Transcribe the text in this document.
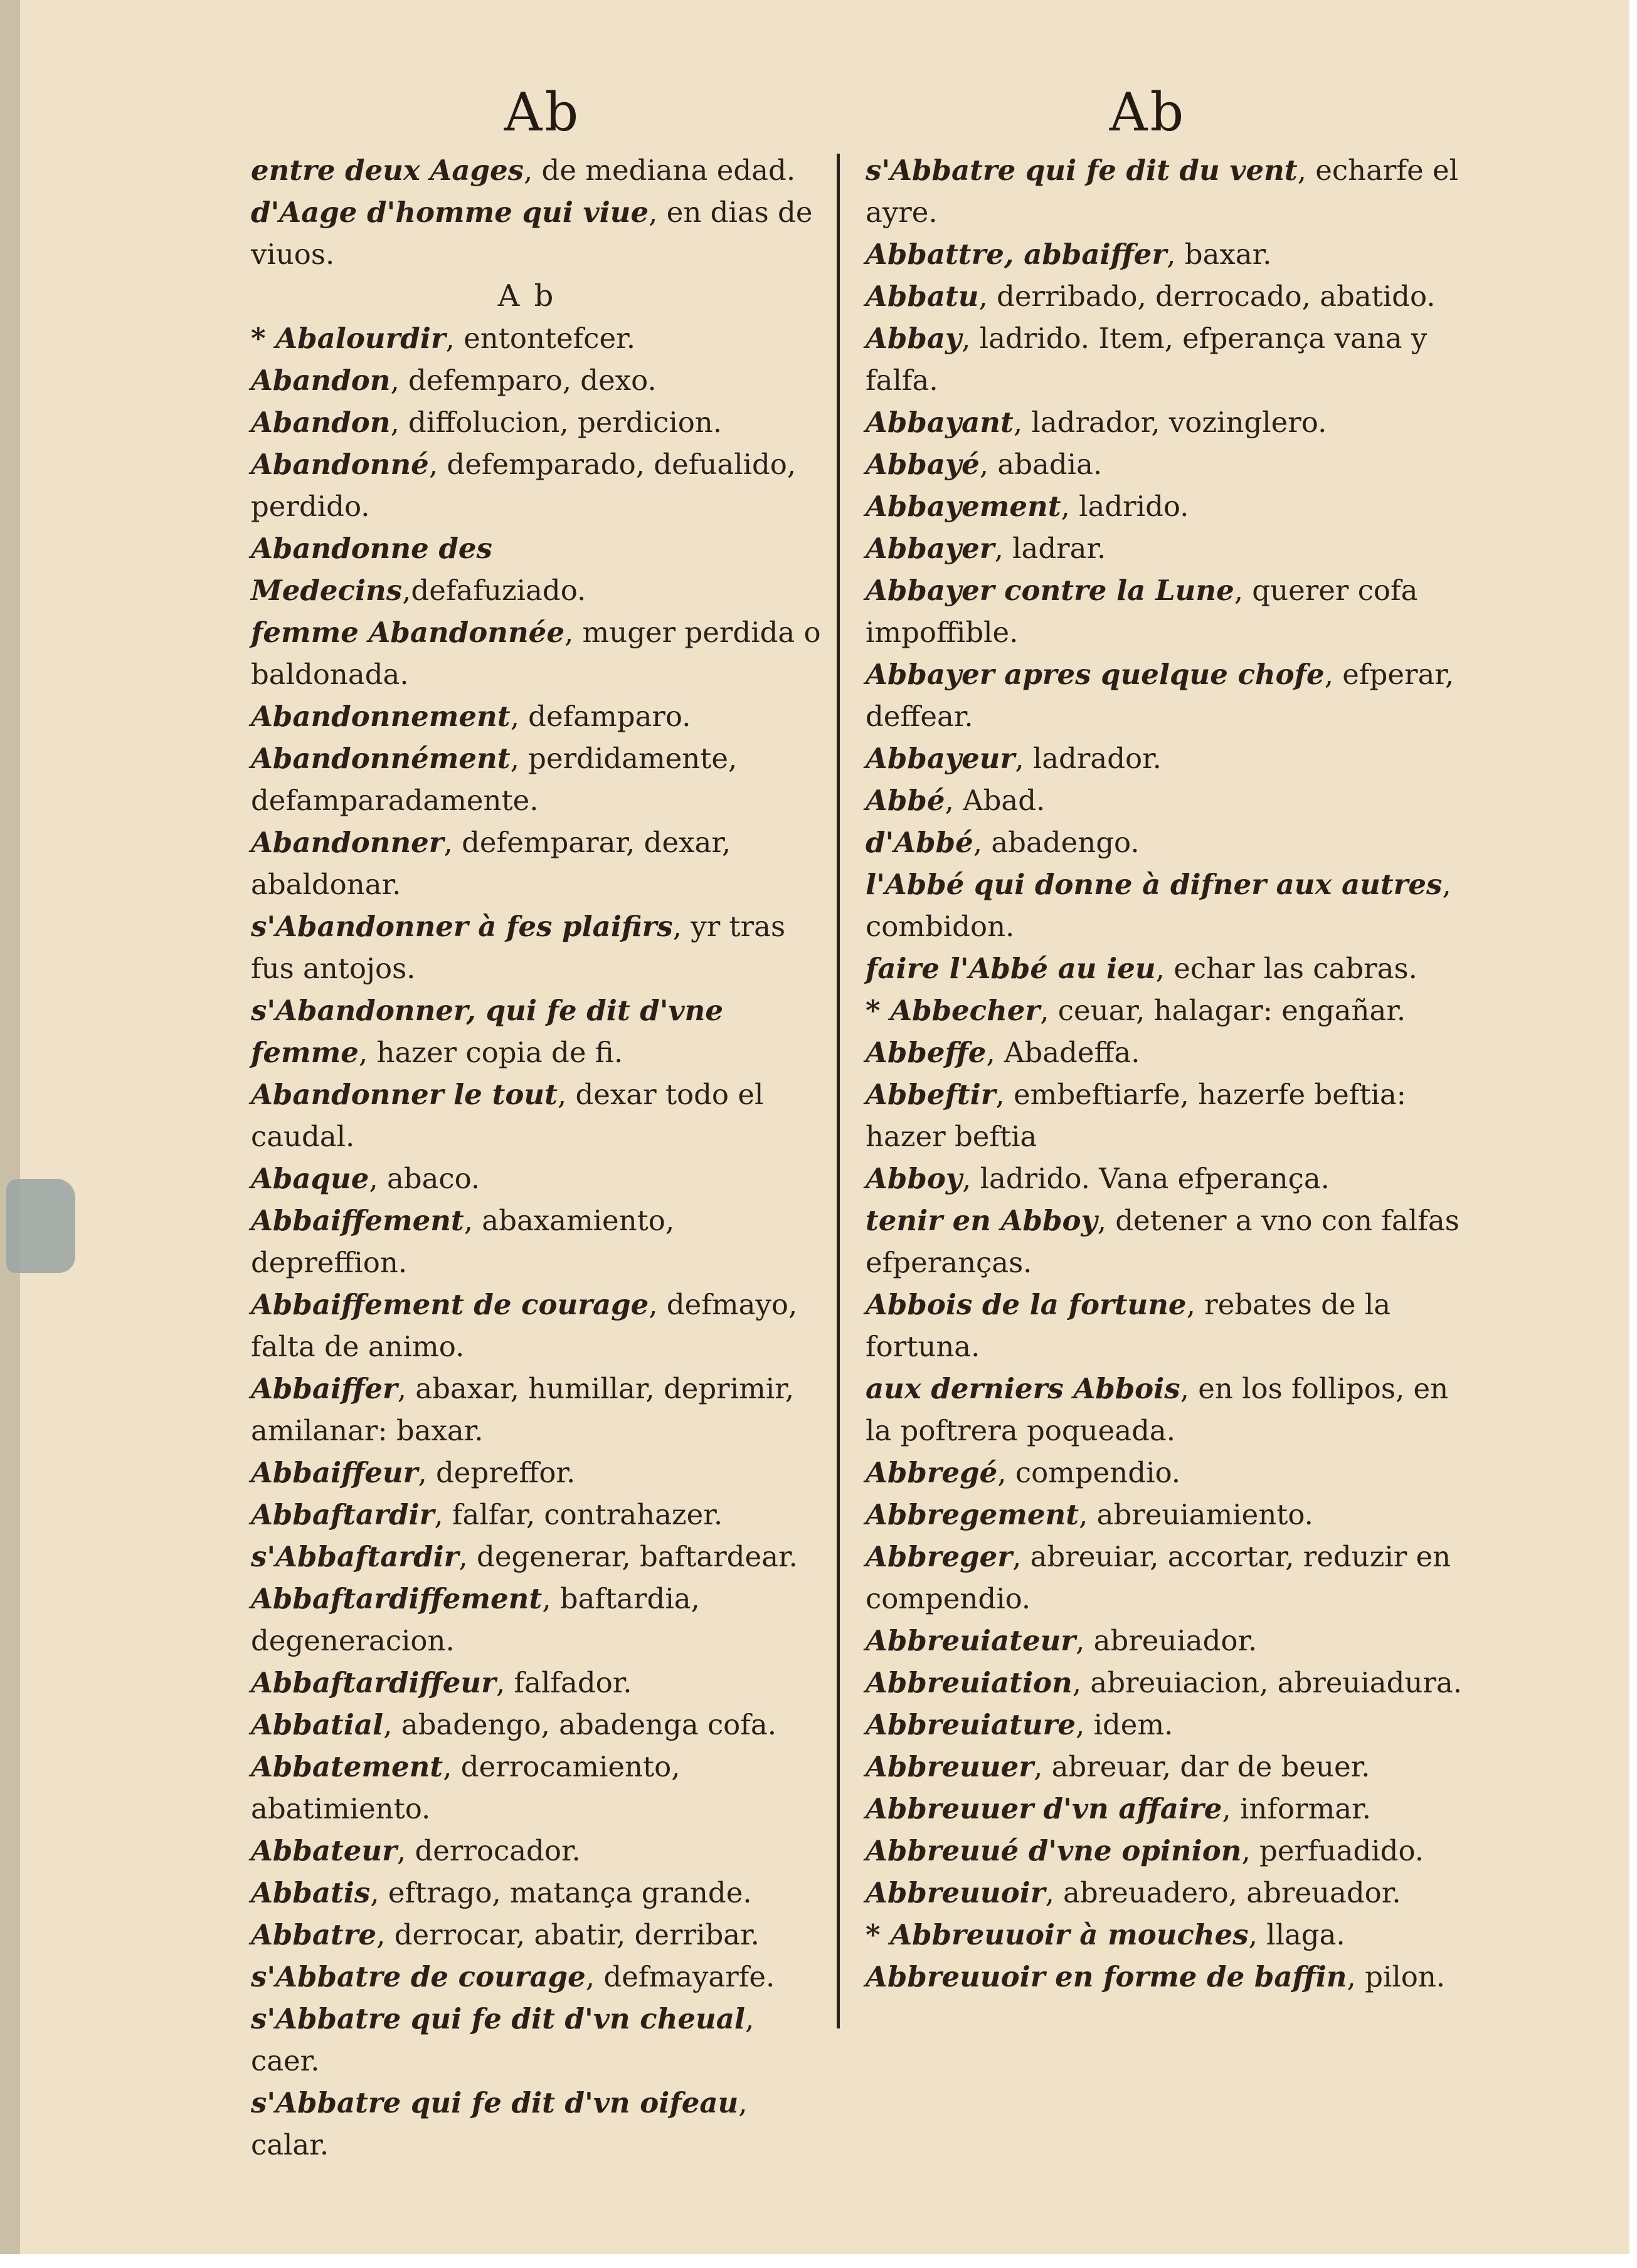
Ab	Ab
entre deux Aages, de mediana edad.
d'Aage d'homme qui viue, en dias de viuos.
A b
* Abalourdir, entontefcer.
Abandon, defemparo, dexo.
Abandon, diffolucion, perdicion.
Abandonné, defemparado, defualido, perdido.
Abandonne des Medecins,defafuziado.
femme Abandonnée, muger perdida o baldonada.
Abandonnement, defamparo.
Abandonnément, perdidamente, defamparadamente.
Abandonner, defemparar, dexar, abaldonar.
s'Abandonner à fes plaifirs, yr tras fus antojos.
s'Abandonner, qui fe dit d'vne femme, hazer copia de fi.
Abandonner le tout, dexar todo el caudal.
Abaque, abaco.
Abbaiffement, abaxamiento, depreffion.
Abbaiffement de courage, defmayo, falta de animo.
Abbaiffer, abaxar, humillar, deprimir, amilanar: baxar.
Abbaiffeur, depreffor.
Abbaftardir, falfar, contrahazer.
s'Abbaftardir, degenerar, baftardear.
Abbaftardiffement, baftardia, degeneracion.
Abbaftardiffeur, falfador.
Abbatial, abadengo, abadenga cofa.
Abbatement, derrocamiento, abatimiento.
Abbateur, derrocador.
Abbatis, eftrago, matança grande.
Abbatre, derrocar, abatir, derribar.
s'Abbatre de courage, defmayarfe.
s'Abbatre qui fe dit d'vn cheual, caer.
s'Abbatre qui fe dit d'vn oifeau, calar.
s'Abbatre qui fe dit du vent, echarfe el ayre.
Abbattre, abbaiffer, baxar.
Abbatu, derribado, derrocado, abatido.
Abbay, ladrido. Item, efperança vana y falfa.
Abbayant, ladrador, vozinglero.
Abbayé, abadia.
Abbayement, ladrido.
Abbayer, ladrar.
Abbayer contre la Lune, querer cofa impoffible.
Abbayer apres quelque chofe, efperar, deffear.
Abbayeur, ladrador.
Abbé, Abad.
d'Abbé, abadengo.
l'Abbé qui donne à difner aux autres, combidon.
faire l'Abbé au ieu, echar las cabras.
* Abbecher, ceuar, halagar: engañar.
Abbeffe, Abadeffa.
Abbeftir, embeftiarfe, hazerfe beftia: hazer beftia
Abboy, ladrido. Vana efperança.
tenir en Abboy, detener a vno con falfas efperanças.
Abbois de la fortune, rebates de la fortuna.
aux derniers Abbois, en los follipos, en la poftrera poqueada.
Abbregé, compendio.
Abbregement, abreuiamiento.
Abbreger, abreuiar, accortar, reduzir en compendio.
Abbreuiateur, abreuiador.
Abbreuiation, abreuiacion, abreuiadura.
Abbreuiature, idem.
Abbreuuer, abreuar, dar de beuer.
Abbreuuer d'vn affaire, informar.
Abbreuué d'vne opinion, perfuadido.
Abbreuuoir, abreuadero, abreuador.
* Abbreuuoir à mouches, llaga.
Abbreuuoir en forme de baffin, pilon.
